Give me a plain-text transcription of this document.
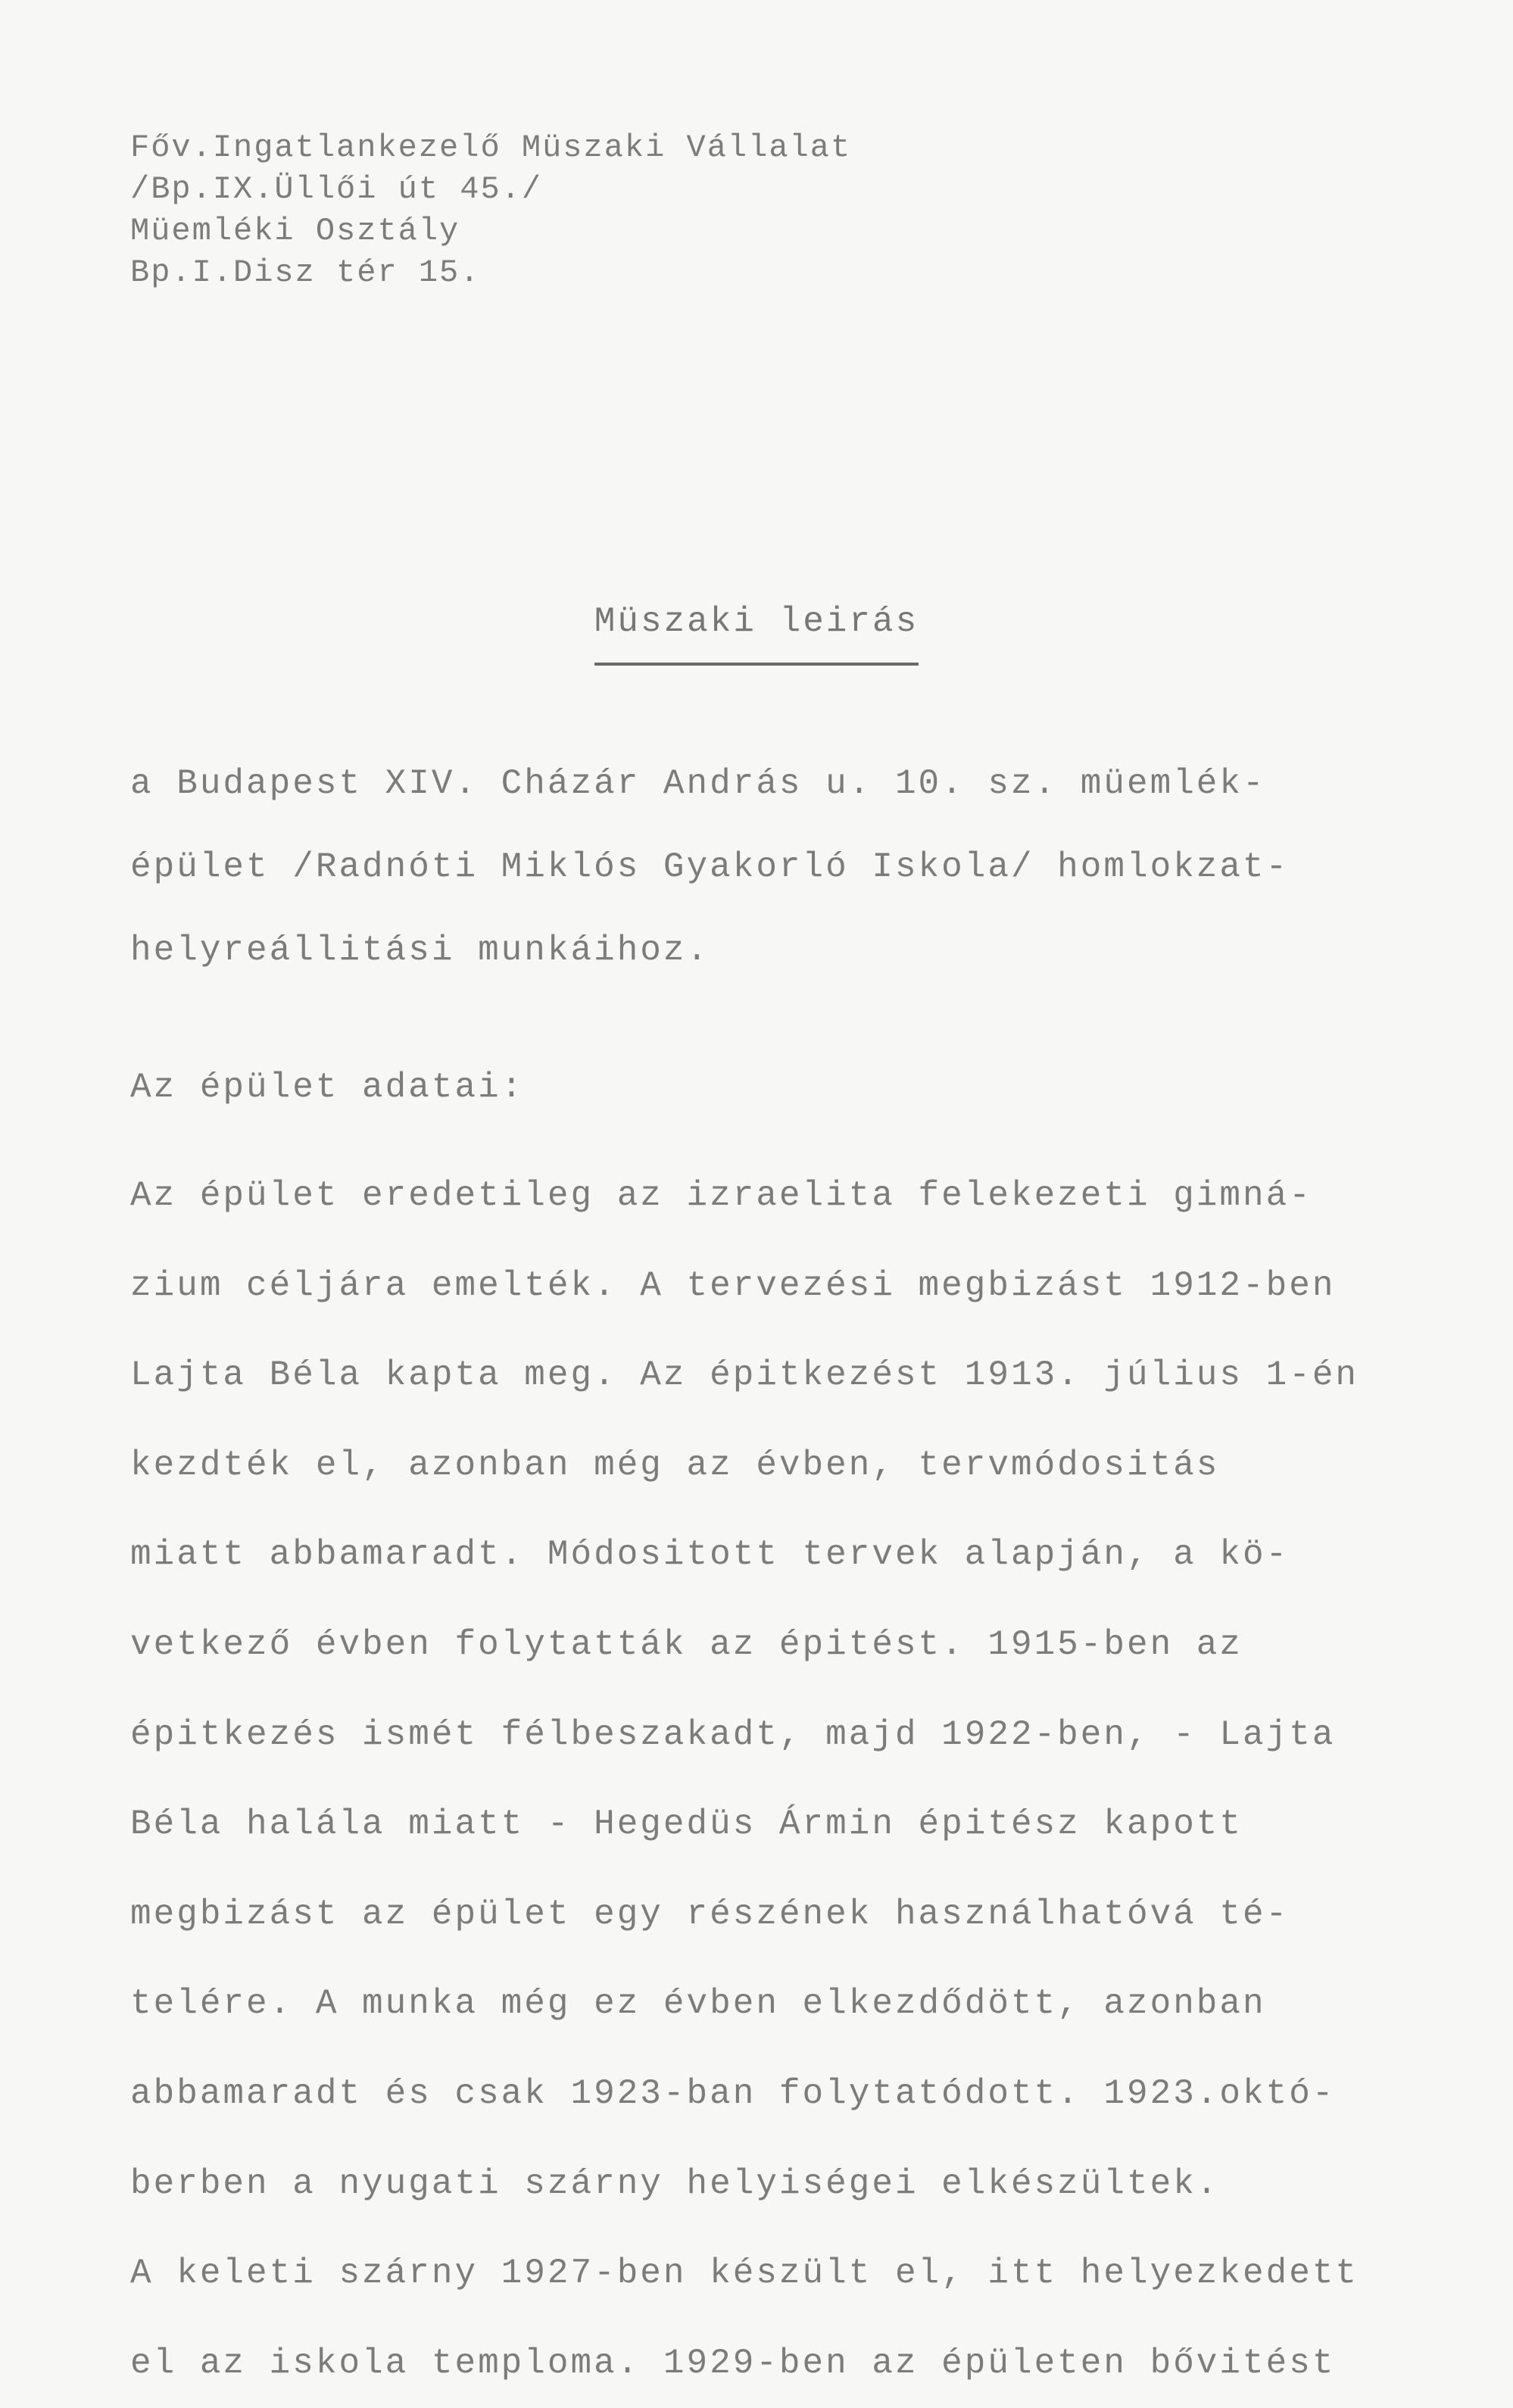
Főv.Ingatlankezelő Müszaki Vállalat
/Bp.IX.Üllői út 45./
Müemléki Osztály
Bp.I.Disz tér 15.
Müszaki leirás
a Budapest XIV. Cházár András u. 10. sz. müemlék-
épület /Radnóti Miklós Gyakorló Iskola/ homlokzat-
helyreállitási munkáihoz.
Az épület adatai:
Az épület eredetileg az izraelita felekezeti gimná-
zium céljára emelték. A tervezési megbizást 1912-ben
Lajta Béla kapta meg. Az épitkezést 1913. július 1-én
kezdték el, azonban még az évben, tervmódositás
miatt abbamaradt. Módositott tervek alapján, a kö-
vetkező évben folytatták az épitést. 1915-ben az
épitkezés ismét félbeszakadt, majd 1922-ben, - Lajta
Béla halála miatt - Hegedüs Ármin épitész kapott
megbizást az épület egy részének használhatóvá té-
telére. A munka még ez évben elkezdődött, azonban
abbamaradt és csak 1923-ban folytatódott. 1923.októ-
berben a nyugati szárny helyiségei elkészültek.
A keleti szárny 1927-ben készült el, itt helyezkedett
el az iskola temploma. 1929-ben az épületen bővitést
